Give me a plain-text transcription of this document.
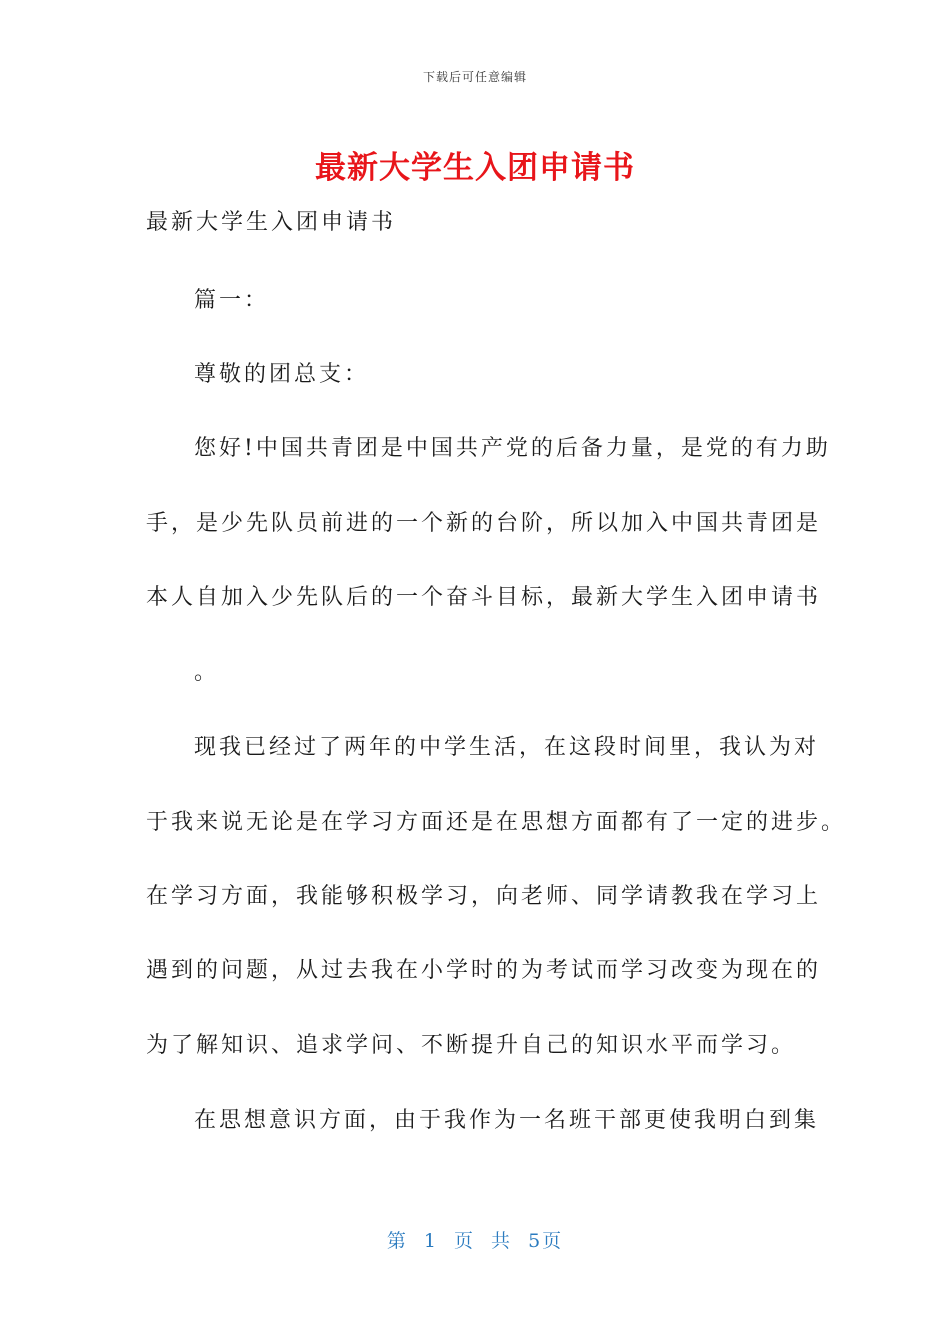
下载后可任意编辑
最新大学生入团申请书
最新大学生入团申请书
篇一：
尊敬的团总支：
您好!中国共青团是中国共产党的后备力量，是党的有力助
手，是少先队员前进的一个新的台阶，所以加入中国共青团是
本人自加入少先队后的一个奋斗目标，最新大学生入团申请书
。
现我已经过了两年的中学生活，在这段时间里，我认为对
于我来说无论是在学习方面还是在思想方面都有了一定的进步。
在学习方面，我能够积极学习，向老师、同学请教我在学习上
遇到的问题，从过去我在小学时的为考试而学习改变为现在的
为了解知识、追求学问、不断提升自己的知识水平而学习。
在思想意识方面，由于我作为一名班干部更使我明白到集
第 1 页 共 5页
